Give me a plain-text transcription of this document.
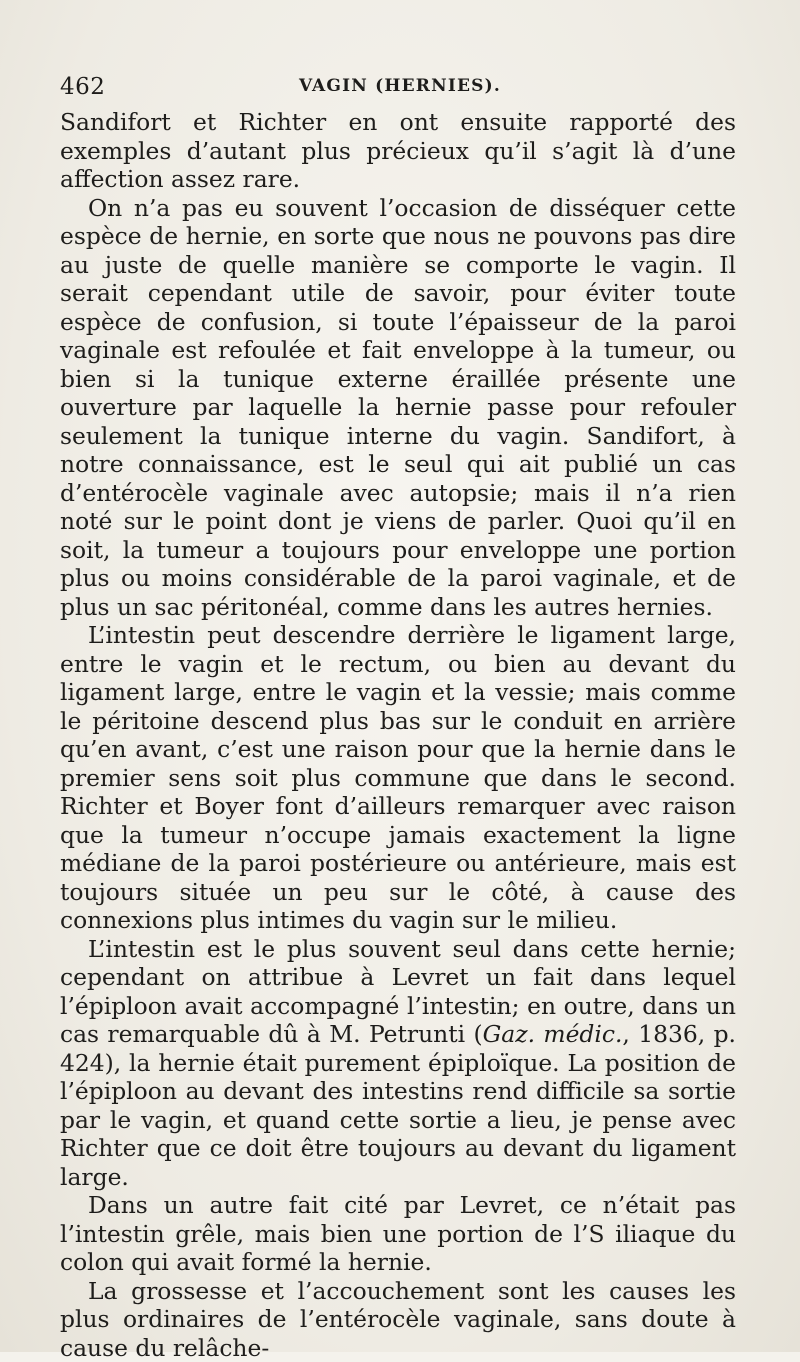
462	VAGIN (HERNIES).

Sandifort et Richter en ont ensuite rapporté des exemples d’autant plus précieux qu’il s’agit là d’une affection assez rare.

On n’a pas eu souvent l’occasion de disséquer cette espèce de hernie, en sorte que nous ne pouvons pas dire au juste de quelle manière se comporte le vagin. Il serait cependant utile de savoir, pour éviter toute espèce de confusion, si toute l’épaisseur de la paroi vaginale est refoulée et fait enveloppe à la tumeur, ou bien si la tunique externe éraillée présente une ouverture par laquelle la hernie passe pour refouler seulement la tunique interne du vagin. Sandifort, à notre connaissance, est le seul qui ait publié un cas d’entérocèle vaginale avec autopsie; mais il n’a rien noté sur le point dont je viens de parler. Quoi qu’il en soit, la tumeur a toujours pour enveloppe une portion plus ou moins considérable de la paroi vaginale, et de plus un sac péritonéal, comme dans les autres hernies.

L’intestin peut descendre derrière le ligament large, entre le vagin et le rectum, ou bien au devant du ligament large, entre le vagin et la vessie; mais comme le péritoine descend plus bas sur le conduit en arrière qu’en avant, c’est une raison pour que la hernie dans le premier sens soit plus commune que dans le second. Richter et Boyer font d’ailleurs remarquer avec raison que la tumeur n’occupe jamais exactement la ligne médiane de la paroi postérieure ou antérieure, mais est toujours située un peu sur le côté, à cause des connexions plus intimes du vagin sur le milieu.

L’intestin est le plus souvent seul dans cette hernie; cependant on attribue à Levret un fait dans lequel l’épiploon avait accompagné l’intestin; en outre, dans un cas remarquable dû à M. Petrunti (Gaz. médic., 1836, p. 424), la hernie était purement épiploïque. La position de l’épiploon au devant des intestins rend difficile sa sortie par le vagin, et quand cette sortie a lieu, je pense avec Richter que ce doit être toujours au devant du ligament large.

Dans un autre fait cité par Levret, ce n’était pas l’intestin grêle, mais bien une portion de l’S iliaque du colon qui avait formé la hernie.

La grossesse et l’accouchement sont les causes les plus ordinaires de l’entérocèle vaginale, sans doute à cause du relâche-
